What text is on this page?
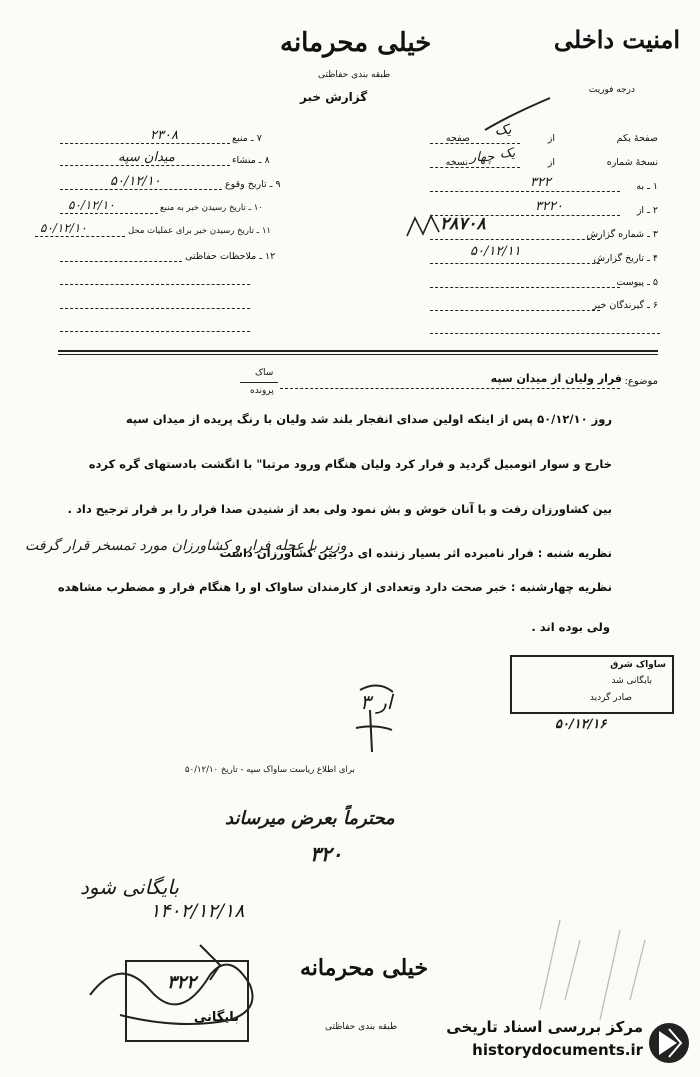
خیلی محرمانه
طبقه بندی حفاظتی
گزارش خبر
امنیت داخلی
درجه فوریت
۷ ـ منبع
۲۳۰۸
۸ ـ منشاء
میدان سپه
۹ ـ تاریخ وقوع
۵۰/۱۲/۱۰
۱۰ ـ تاریخ رسیدن خبر به منبع
۵۰/۱۲/۱۰
۱۱ ـ تاریخ رسیدن خبر برای عملیات محل
۵۰/۱۲/۱۰
۱۲ ـ ملاحظات حفاظتی
صفحهٔ یکم
از
صفحه
یک
نسخهٔ شماره
از
نسخه
یک
چهار
۱ ـ به
۳۲۲
۲ ـ از
۳۲۲۰
۳ ـ شماره گزارش
۲۸۷۰۸
۴ ـ تاریخ گزارش
۵۰/۱۲/۱۱
۵ ـ پیوست
۶ ـ گیرندگان خبر
موضوع:
فرار ولیان از میدان سپه
ساک
پرونده
روز ۵۰/۱۲/۱۰ پس از اینکه اولین صدای انفجار بلند شد ولیان با رنگ پریده از میدان سپه
خارج و سوار اتومبیل گردید و فرار کرد ولیان هنگام ورود مرتبا" با انگشت بادستهای گره کرده
بین کشاورزان رفت و با آنان خوش و بش نمود ولی بعد از شنیدن صدا فرار را بر قرار ترجیح داد .
نظریه شنبه : فرار نامبرده اثر بسیار زننده ای در بین کشاورزان داشت
وزیر با عجله فرار و کشاورزان مورد تمسخر قرار گرفت
نظریه چهارشنبه : خبر صحت دارد وتعدادی از کارمندان ساواک او را هنگام فرار و مضطرب مشاهده
ولی بوده اند .
ساواک شرق
بایگانی شد
صادر گردید
۵۰/۱۲/۱۶
ار ۳
برای اطلاع ریاست ساواک سپه - تاریخ ۵۰/۱۲/۱۰
محترماً بعرض میرساند
۳۲۰
بایگانی شود
۱۴۰۲/۱۲/۱۸
بایگانی
۳۲۲
خیلی محرمانه
طبقه بندی حفاظتی	مرکز بررسی اسناد تاریخی
historydocuments.ir
